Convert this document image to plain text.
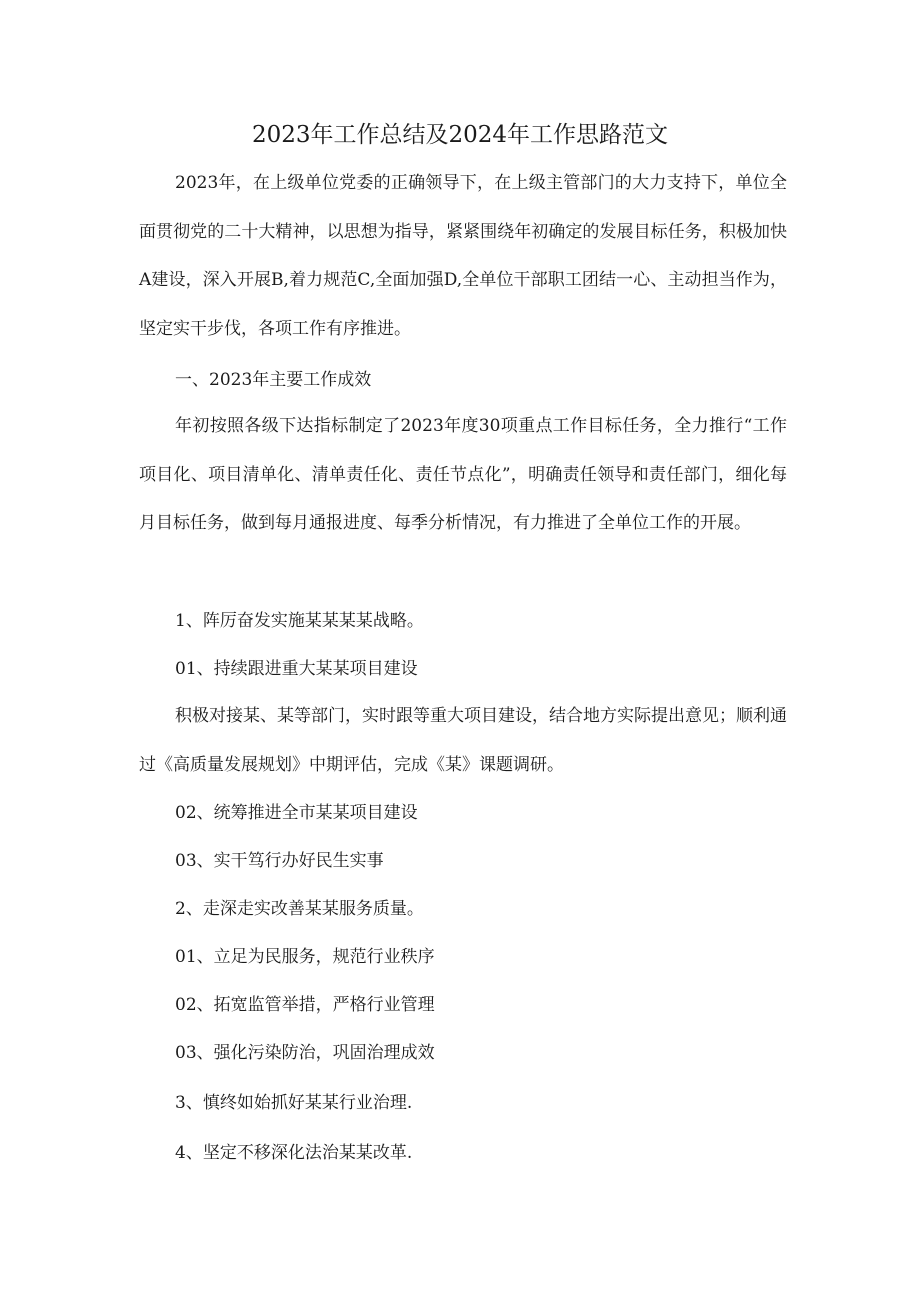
2023年工作总结及2024年工作思路范文
2023年，在上级单位党委的正确领导下，在上级主管部门的大力支持下，单位全面贯彻党的二十大精神，以思想为指导，紧紧围绕年初确定的发展目标任务，积极加快A建设，深入开展B,着力规范C,全面加强D,全单位干部职工团结一心、主动担当作为，坚定实干步伐，各项工作有序推进。
一、2023年主要工作成效
年初按照各级下达指标制定了2023年度30项重点工作目标任务，全力推行“工作项目化、项目清单化、清单责任化、责任节点化”，明确责任领导和责任部门，细化每月目标任务，做到每月通报进度、每季分析情况，有力推进了全单位工作的开展。
1、阵厉奋发实施某某某某战略。
01、持续跟进重大某某项目建设
积极对接某、某等部门，实时跟等重大项目建设，结合地方实际提出意见；顺利通过《高质量发展规划》中期评估，完成《某》课题调研。
02、统筹推进全市某某项目建设
03、实干笃行办好民生实事
2、走深走实改善某某服务质量。
01、立足为民服务，规范行业秩序
02、拓宽监管举措，严格行业管理
03、强化污染防治，巩固治理成效
3、慎终如始抓好某某行业治理.
4、坚定不移深化法治某某改革.
